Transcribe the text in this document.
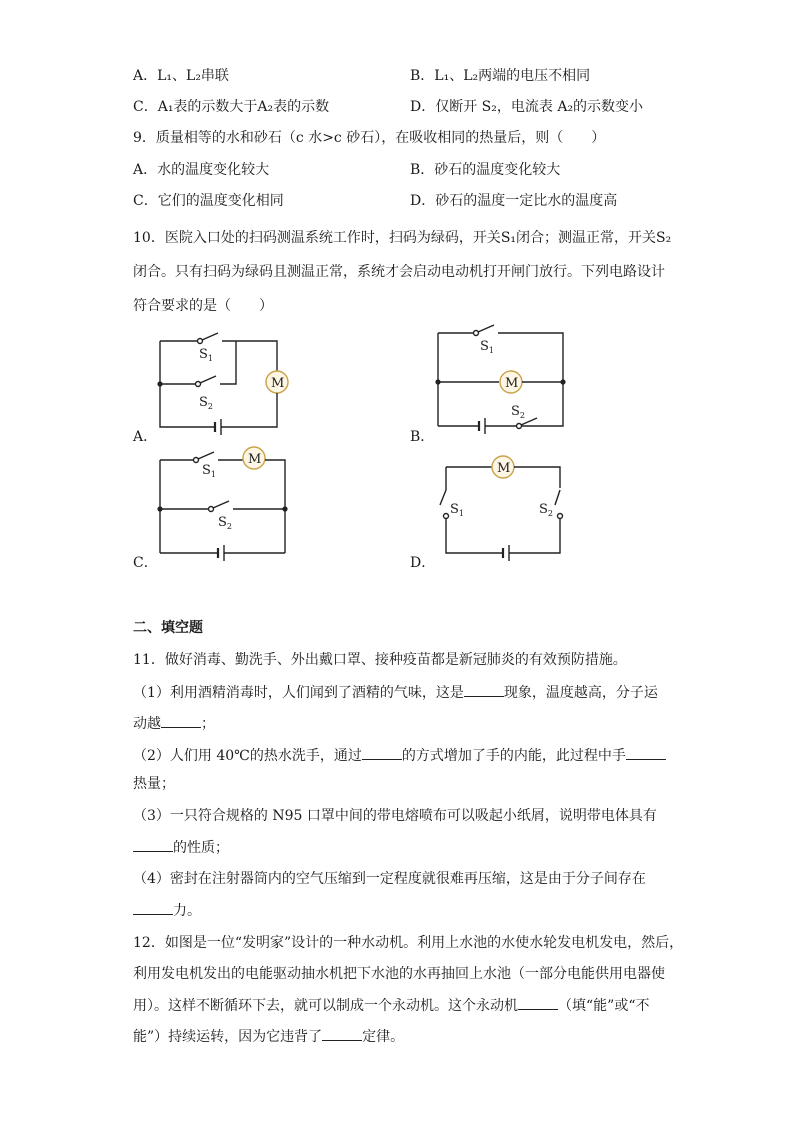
A．L₁、L₂串联	B．L₁、L₂两端的电压不相同
C．A₁表的示数大于A₂表的示数	D．仅断开 S₂，电流表 A₂的示数变小
9．质量相等的水和砂石（c 水>c 砂石），在吸收相同的热量后，则（　　）
A．水的温度变化较大	B．砂石的温度变化较大
C．它们的温度变化相同	D．砂石的温度一定比水的温度高
10．医院入口处的扫码测温系统工作时，扫码为绿码，开关S₁闭合；测温正常，开关S₂
闭合。只有扫码为绿码且测温正常，系统才会启动电动机打开闸门放行。下列电路设计
符合要求的是（　　）
M	M
M
M
$S_1$
$S_2$
$S_1$
$S_2$
$S_1$
$S_2$
$S_1$	$S_2$
A．	B．
C．	D．
二、填空题
11．做好消毒、勤洗手、外出戴口罩、接种疫苗都是新冠肺炎的有效预防措施。
（1）利用酒精消毒时，人们闻到了酒精的气味，这是	现象，温度越高，分子运
动越	；
（2）人们用 40℃的热水洗手，通过	的方式增加了手的内能，此过程中手
热量；
（3）一只符合规格的 N95 口罩中间的带电熔喷布可以吸起小纸屑，说明带电体具有
的性质；
（4）密封在注射器筒内的空气压缩到一定程度就很难再压缩，这是由于分子间存在
力。
12．如图是一位“发明家”设计的一种水动机。利用上水池的水使水轮发电机发电，然后，
利用发电机发出的电能驱动抽水机把下水池的水再抽回上水池（一部分电能供用电器使
用）。这样不断循环下去，就可以制成一个永动机。这个永动机	（填“能”或“不
能”）持续运转，因为它违背了	定律。
